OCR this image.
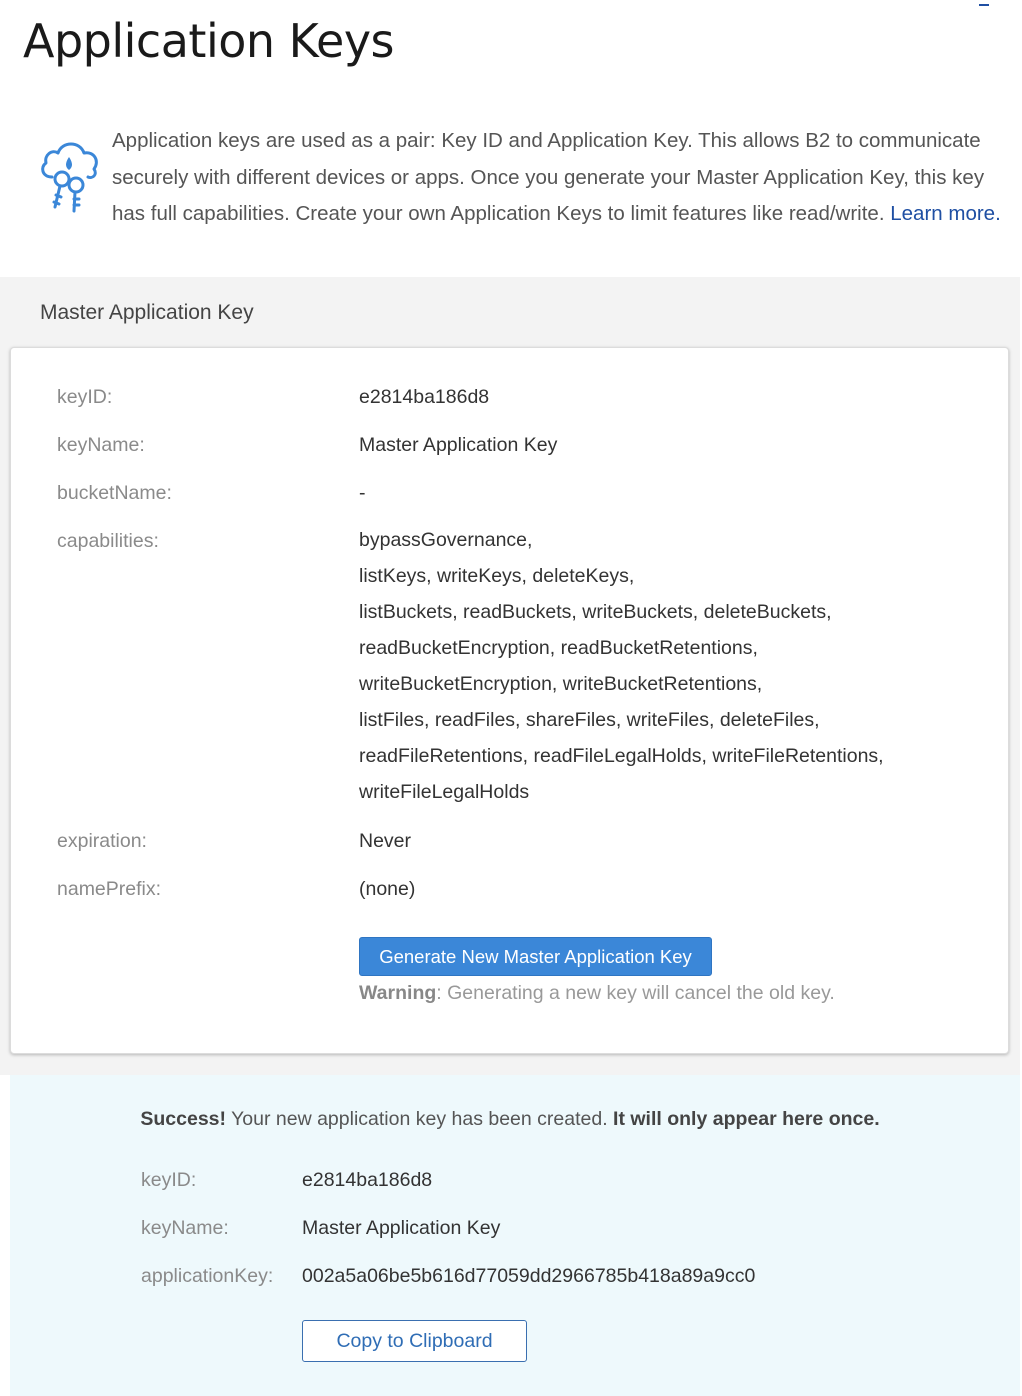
Application Keys
Application keys are used as a pair: Key ID and Application Key. This allows B2 to communicate securely with different devices or apps. Once you generate your Master Application Key, this key has full capabilities. Create your own Application Keys to limit features like read/write. Learn more.
Master Application Key
keyID:	e2814ba186d8
keyName:	Master Application Key
bucketName:	-
capabilities:	bypassGovernance,
listKeys, writeKeys, deleteKeys,
listBuckets, readBuckets, writeBuckets, deleteBuckets,
readBucketEncryption, readBucketRetentions,
writeBucketEncryption, writeBucketRetentions,
listFiles, readFiles, shareFiles, writeFiles, deleteFiles,
readFileRetentions, readFileLegalHolds, writeFileRetentions,
writeFileLegalHolds
expiration:	Never
namePrefix:	(none)
Generate New Master Application Key
Warning: Generating a new key will cancel the old key.
Success! Your new application key has been created. It will only appear here once.
keyID:	e2814ba186d8
keyName:	Master Application Key
applicationKey: 002a5a06be5b616d77059dd2966785b418a89a9cc0
Copy to Clipboard
